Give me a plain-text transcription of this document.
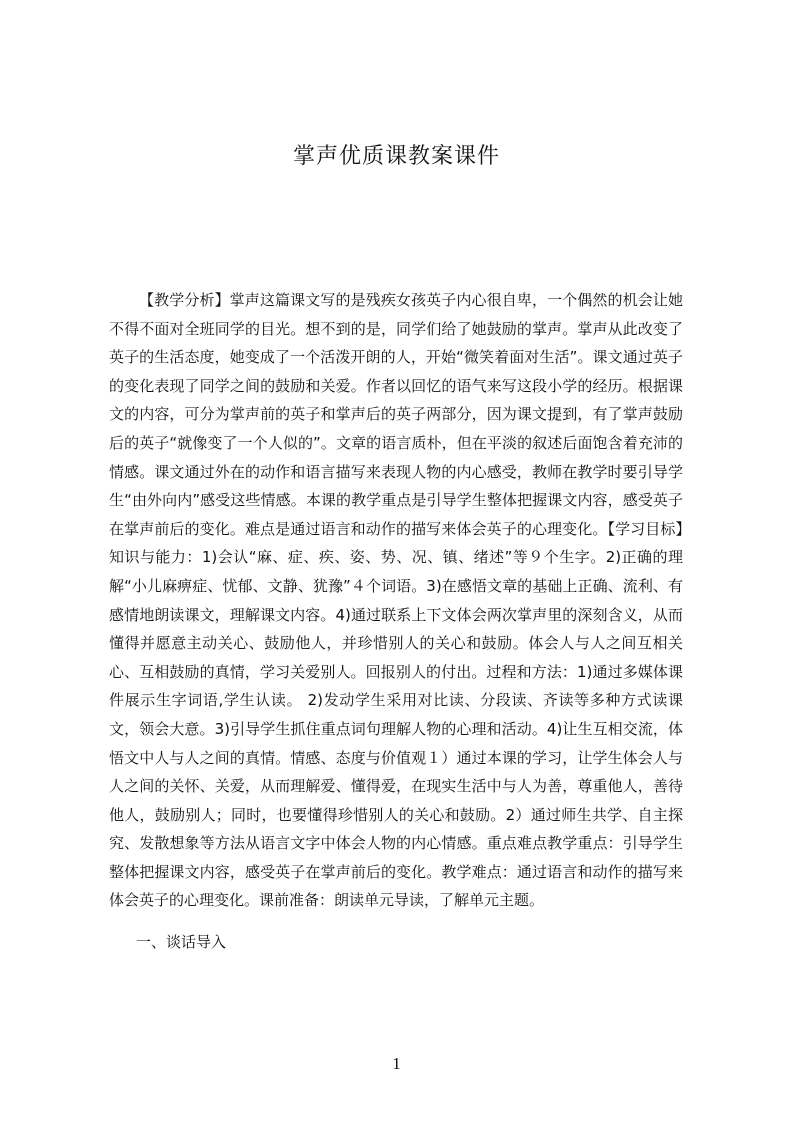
掌声优质课教案课件

【教学分析】掌声这篇课文写的是残疾女孩英子内心很自卑，一个偶然的机会让她不得不面对全班同学的目光。想不到的是，同学们给了她鼓励的掌声。掌声从此改变了英子的生活态度，她变成了一个活泼开朗的人，开始“微笑着面对生活”。课文通过英子的变化表现了同学之间的鼓励和关爱。作者以回忆的语气来写这段小学的经历。根据课文的内容，可分为掌声前的英子和掌声后的英子两部分，因为课文提到，有了掌声鼓励后的英子“就像变了一个人似的”。文章的语言质朴，但在平淡的叙述后面饱含着充沛的情感。课文通过外在的动作和语言描写来表现人物的内心感受，教师在教学时要引导学生“由外向内”感受这些情感。本课的教学重点是引导学生整体把握课文内容，感受英子在掌声前后的变化。难点是通过语言和动作的描写来体会英子的心理变化。【学习目标】知识与能力：1)会认“麻、症、疾、姿、势、况、镇、绪述”等９个生字。2)正确的理解“小儿麻痹症、忧郁、文静、犹豫”４个词语。3)在感悟文章的基础上正确、流利、有感情地朗读课文，理解课文内容。4)通过联系上下文体会两次掌声里的深刻含义，从而懂得并愿意主动关心、鼓励他人，并珍惜别人的关心和鼓励。体会人与人之间互相关心、互相鼓励的真情，学习关爱别人。回报别人的付出。过程和方法：1)通过多媒体课件展示生字词语,学生认读。 2)发动学生采用对比读、分段读、齐读等多种方式读课文，领会大意。3)引导学生抓住重点词句理解人物的心理和活动。4)让生互相交流，体悟文中人与人之间的真情。情感、态度与价值观１）通过本课的学习，让学生体会人与人之间的关怀、关爱，从而理解爱、懂得爱，在现实生活中与人为善，尊重他人，善待他人，鼓励别人；同时，也要懂得珍惜别人的关心和鼓励。2）通过师生共学、自主探究、发散想象等方法从语言文字中体会人物的内心情感。重点难点教学重点：引导学生整体把握课文内容，感受英子在掌声前后的变化。教学难点：通过语言和动作的描写来体会英子的心理变化。课前准备：朗读单元导读，了解单元主题。

一、谈话导入

1
